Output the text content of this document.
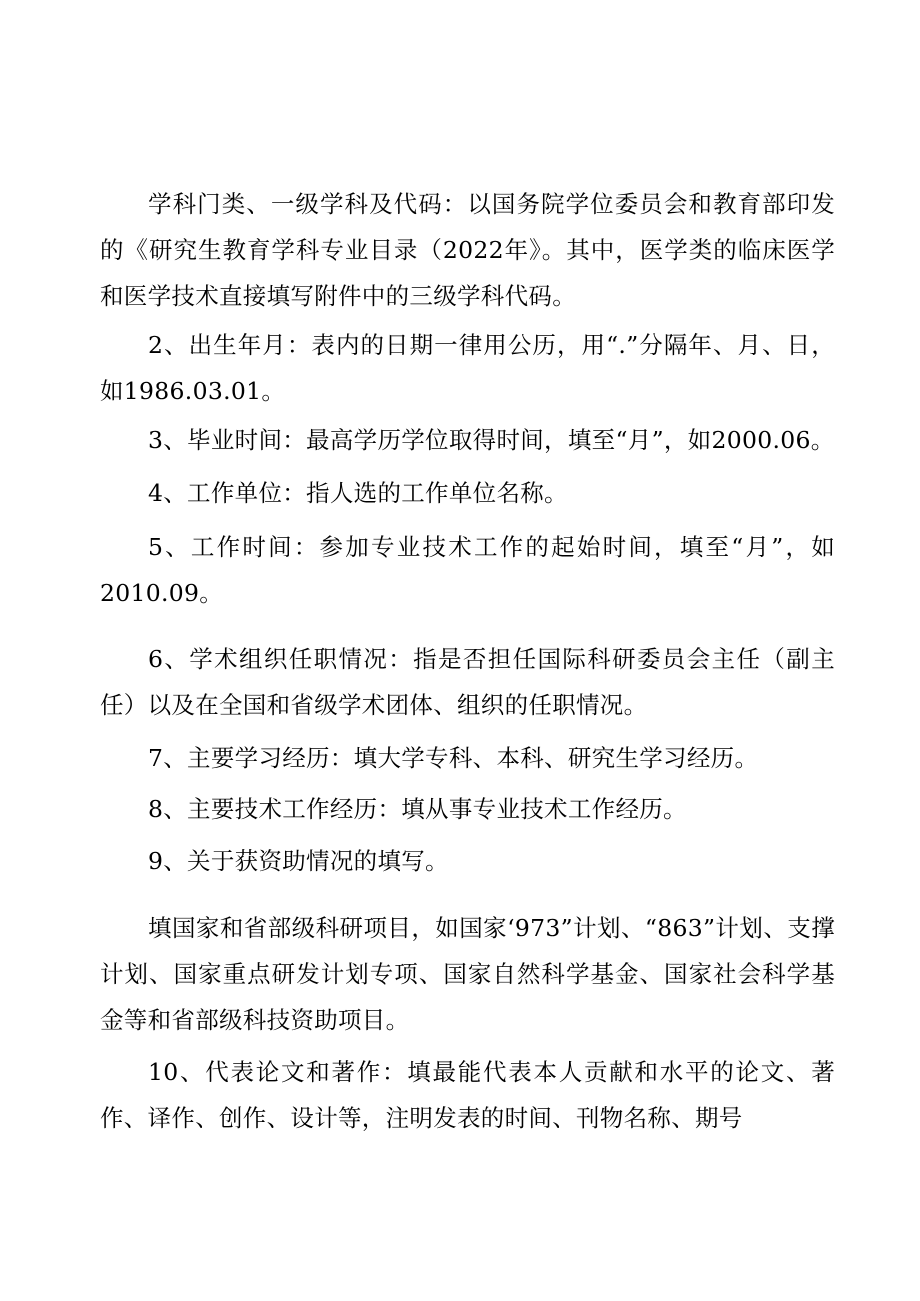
学科门类、一级学科及代码：以国务院学位委员会和教育部印发的《研究生教育学科专业目录（2022年》。其中，医学类的临床医学和医学技术直接填写附件中的三级学科代码。

2、出生年月：表内的日期一律用公历，用“.”分隔年、月、日，如1986.03.01。

3、毕业时间：最高学历学位取得时间，填至“月”，如2000.06。

4、工作单位：指人选的工作单位名称。

5、工作时间：参加专业技术工作的起始时间，填至“月”，如2010.09。

6、学术组织任职情况：指是否担任国际科研委员会主任（副主任）以及在全国和省级学术团体、组织的任职情况。

7、主要学习经历：填大学专科、本科、研究生学习经历。

8、主要技术工作经历：填从事专业技术工作经历。

9、关于获资助情况的填写。

填国家和省部级科研项目，如国家‘973”计划、“863”计划、支撑计划、国家重点研发计划专项、国家自然科学基金、国家社会科学基金等和省部级科技资助项目。

10、代表论文和著作：填最能代表本人贡献和水平的论文、著作、译作、创作、设计等，注明发表的时间、刊物名称、期号
